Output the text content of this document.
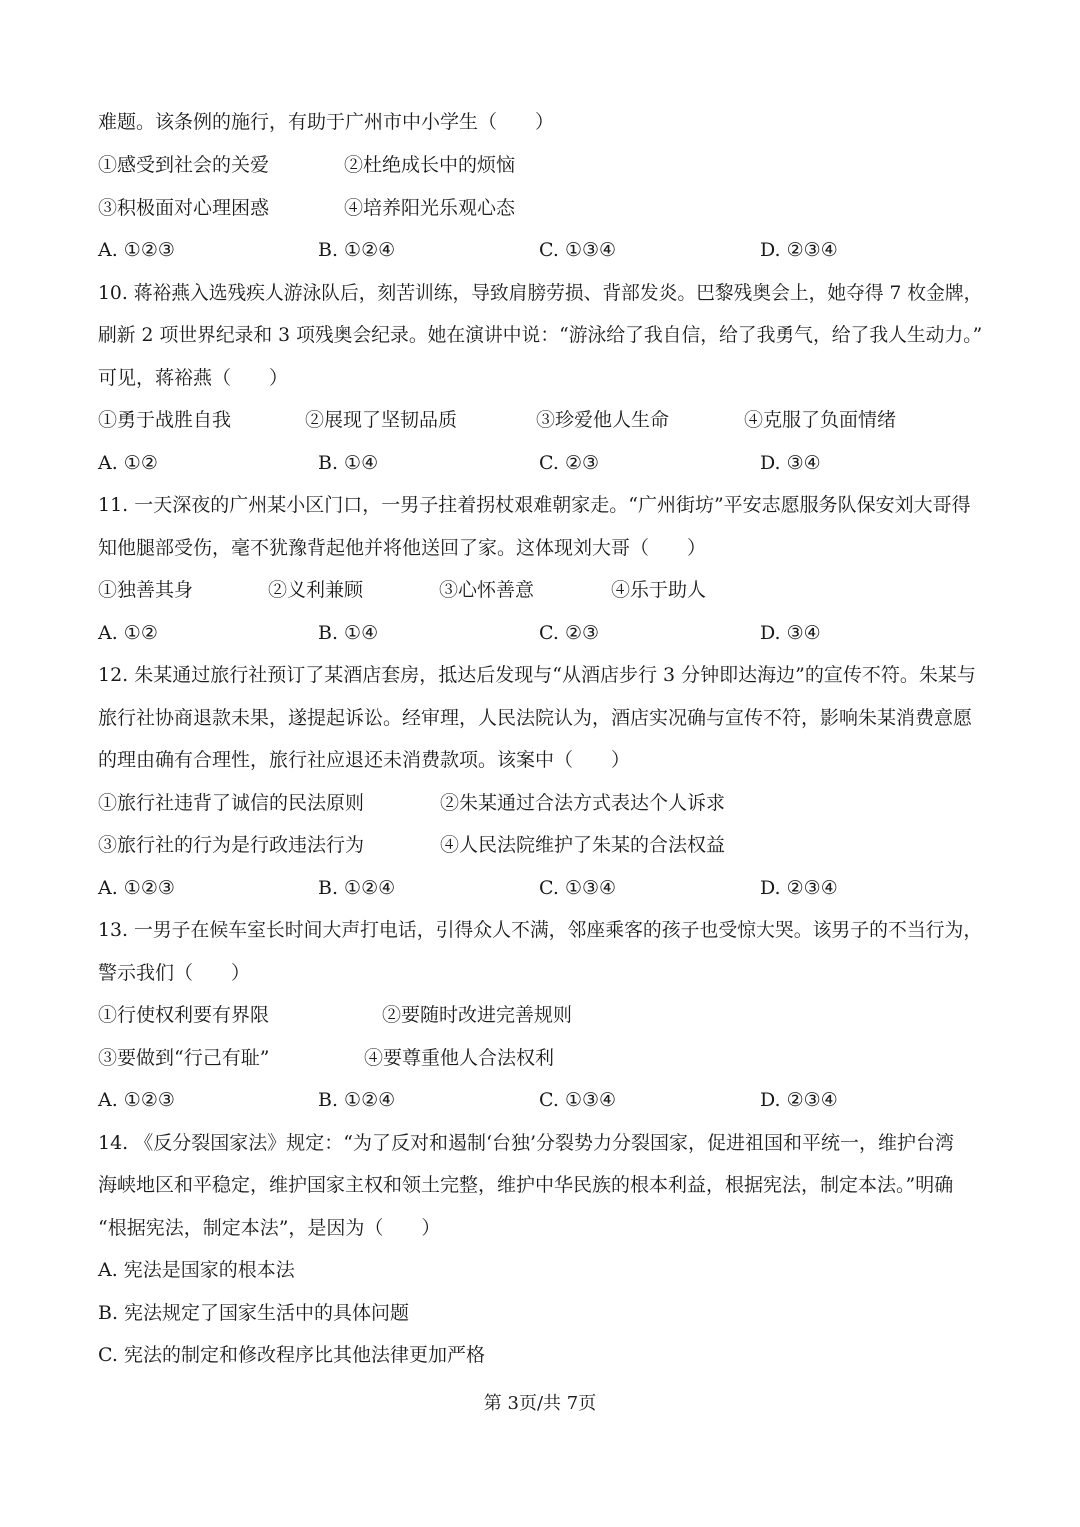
难题。该条例的施行，有助于广州市中小学生（　　）
①感受到社会的关爱	②杜绝成长中的烦恼
③积极面对心理困惑	④培养阳光乐观心态
A. ①②③	B. ①②④	C. ①③④	D. ②③④
10. 蒋裕燕入选残疾人游泳队后，刻苦训练，导致肩膀劳损、背部发炎。巴黎残奥会上，她夺得 7 枚金牌，
刷新 2 项世界纪录和 3 项残奥会纪录。她在演讲中说：“游泳给了我自信，给了我勇气，给了我人生动力。”
可见，蒋裕燕（　　）
①勇于战胜自我	②展现了坚韧品质	③珍爱他人生命	④克服了负面情绪
A. ①②	B. ①④	C. ②③	D. ③④
11. 一天深夜的广州某小区门口，一男子拄着拐杖艰难朝家走。“广州街坊”平安志愿服务队保安刘大哥得
知他腿部受伤，毫不犹豫背起他并将他送回了家。这体现刘大哥（　　）
①独善其身	②义利兼顾	③心怀善意	④乐于助人
A. ①②	B. ①④	C. ②③	D. ③④
12. 朱某通过旅行社预订了某酒店套房，抵达后发现与“从酒店步行 3 分钟即达海边”的宣传不符。朱某与
旅行社协商退款未果，遂提起诉讼。经审理，人民法院认为，酒店实况确与宣传不符，影响朱某消费意愿
的理由确有合理性，旅行社应退还未消费款项。该案中（　　）
①旅行社违背了诚信的民法原则	②朱某通过合法方式表达个人诉求
③旅行社的行为是行政违法行为	④人民法院维护了朱某的合法权益
A. ①②③	B. ①②④	C. ①③④	D. ②③④
13. 一男子在候车室长时间大声打电话，引得众人不满，邻座乘客的孩子也受惊大哭。该男子的不当行为，
警示我们（　　）
①行使权利要有界限	②要随时改进完善规则
③要做到“行己有耻”	④要尊重他人合法权利
A. ①②③	B. ①②④	C. ①③④	D. ②③④
14. 《反分裂国家法》规定：“为了反对和遏制‘台独’分裂势力分裂国家，促进祖国和平统一，维护台湾
海峡地区和平稳定，维护国家主权和领土完整，维护中华民族的根本利益，根据宪法，制定本法。”明确
“根据宪法，制定本法”，是因为（　　）
A. 宪法是国家的根本法
B. 宪法规定了国家生活中的具体问题
C. 宪法的制定和修改程序比其他法律更加严格
第 3页/共 7页
